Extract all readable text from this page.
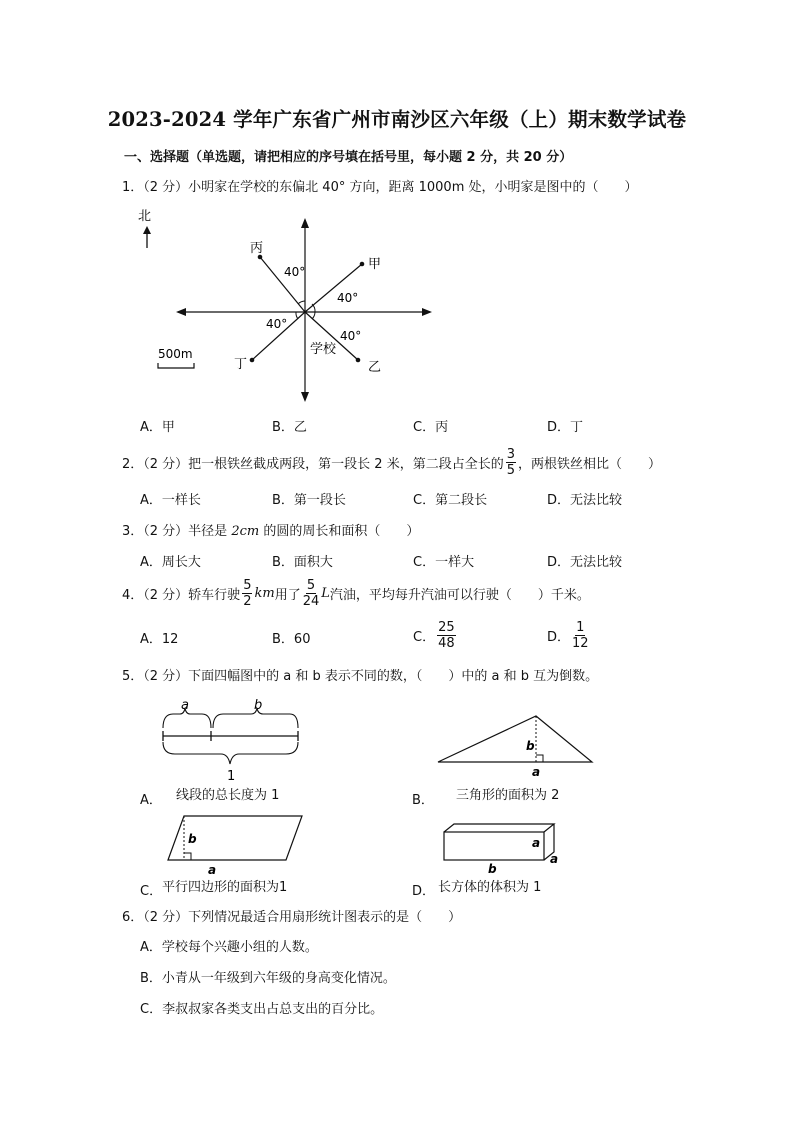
2023-2024 学年广东省广州市南沙区六年级（上）期末数学试卷
一、选择题（单选题，请把相应的序号填在括号里，每小题 2 分，共 20 分）
1．（2 分）小明家在学校的东偏北 40° 方向，距离 1000m 处，小明家是图中的（　　）
北
丙
甲
丁	乙
40°
40°
40°
40°
学校
500m
A．甲	B．乙	C．丙	D．丁
2．（2 分）把一根铁丝截成两段，第一段长 2 米，第二段占全长的 $\frac{3}{5}$ ，两根铁丝相比（　　）
A．一样长	B．第一段长	C．第二段长	D．无法比较
3．（2 分）半径是 2cm 的圆的周长和面积（　　）
A．周长大	B．面积大	C．一样大	D．无法比较
4．（2 分）轿车行驶 $\frac{5}{2}$ km 用了 $\frac{5}{24}$ L 汽油，平均每升汽油可以行驶（　　）千米。
A．12	B．60	C． $\frac{25}{48}$	D． $\frac{1}{12}$
5．（2 分）下面四幅图中的 a 和 b 表示不同的数，（　　）中的 a 和 b 互为倒数。
a	b
1
A． 线段的总长度为 1
b
a
B． 三角形的面积为 2
b
a
C． 平行四边形的面积为1
a
a
b
D． 长方体的体积为 1
6．（2 分）下列情况最适合用扇形统计图表示的是（　　）
A．学校每个兴趣小组的人数。
B．小青从一年级到六年级的身高变化情况。
C．李叔叔家各类支出占总支出的百分比。
